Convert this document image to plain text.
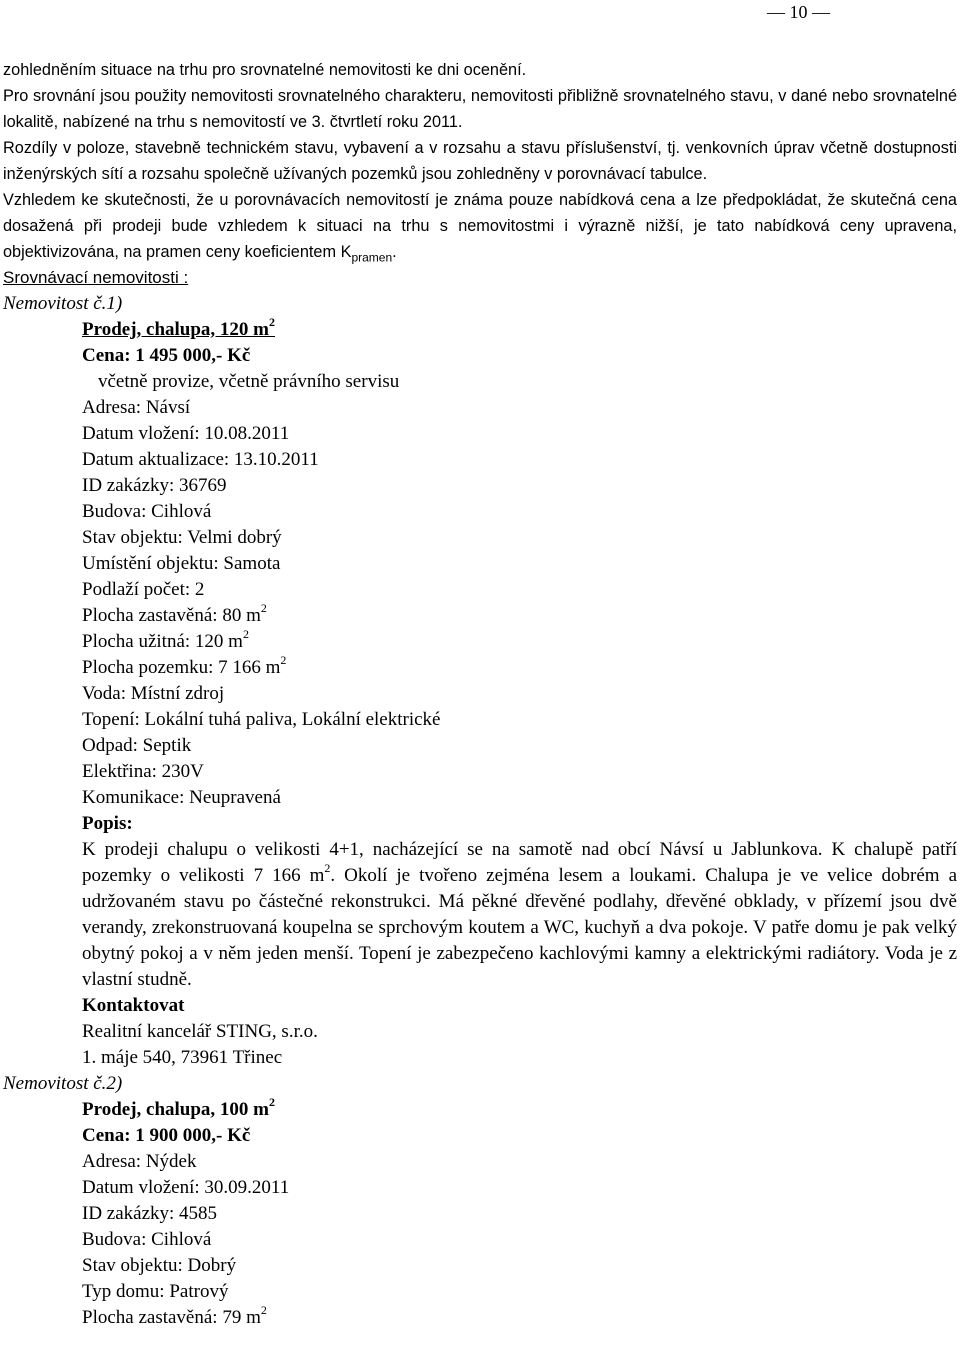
— 10 —

zohledněním situace na trhu pro srovnatelné nemovitosti ke dni ocenění.

Pro srovnání jsou použity nemovitosti srovnatelného charakteru, nemovitosti přibližně srovnatelného stavu, v dané nebo srovnatelné lokalitě, nabízené na trhu s nemovitostí ve 3. čtvrtletí roku 2011.

Rozdíly v poloze, stavebně technickém stavu, vybavení a v rozsahu a stavu příslušenství, tj. venkovních úprav včetně dostupnosti inženýrských sítí a rozsahu společně užívaných pozemků jsou zohledněny v porovnávací tabulce.

Vzhledem ke skutečnosti, že u porovnávacích nemovitostí je známa pouze nabídková cena a lze předpokládat, že skutečná cena dosažená při prodeji bude vzhledem k situaci na trhu s nemovitostmi i výrazně nižší, je tato nabídková ceny upravena, objektivizována, na pramen ceny koeficientem $K_{pramen}$.

Srovnávací nemovitosti :
Nemovitost č.1)
Prodej, chalupa, 120 $m^2$
Cena: 1 495 000,- Kč
včetně provize, včetně právního servisu
Adresa: Návsí
Datum vložení: 10.08.2011
Datum aktualizace: 13.10.2011
ID zakázky: 36769
Budova: Cihlová
Stav objektu: Velmi dobrý
Umístění objektu: Samota
Podlaží počet: 2
Plocha zastavěná: 80 $m^2$
Plocha užitná: 120 $m^2$
Plocha pozemku: 7 166 $m^2$
Voda: Místní zdroj
Topení: Lokální tuhá paliva, Lokální elektrické
Odpad: Septik
Elektřina: 230V
Komunikace: Neupravená
Popis:

K prodeji chalupu o velikosti 4+1, nacházející se na samotě nad obcí Návsí u Jablunkova. K chalupě patří pozemky o velikosti 7 166 $m^2$. Okolí je tvořeno zejména lesem a loukami. Chalupa je ve velice dobrém a udržovaném stavu po částečné rekonstrukci. Má pěkné dřevěné podlahy, dřevěné obklady, v přízemí jsou dvě verandy, zrekonstruovaná koupelna se sprchovým koutem a WC, kuchyň a dva pokoje. V patře domu je pak velký obytný pokoj a v něm jeden menší. Topení je zabezpečeno kachlovými kamny a elektrickými radiátory. Voda je z vlastní studně.

Kontaktovat
Realitní kancelář STING, s.r.o.
1. máje 540, 73961 Třinec
Nemovitost č.2)
Prodej, chalupa, 100 $m^2$
Cena: 1 900 000,- Kč
Adresa: Nýdek
Datum vložení: 30.09.2011
ID zakázky: 4585
Budova: Cihlová
Stav objektu: Dobrý
Typ domu: Patrový
Plocha zastavěná: 79 $m^2$
